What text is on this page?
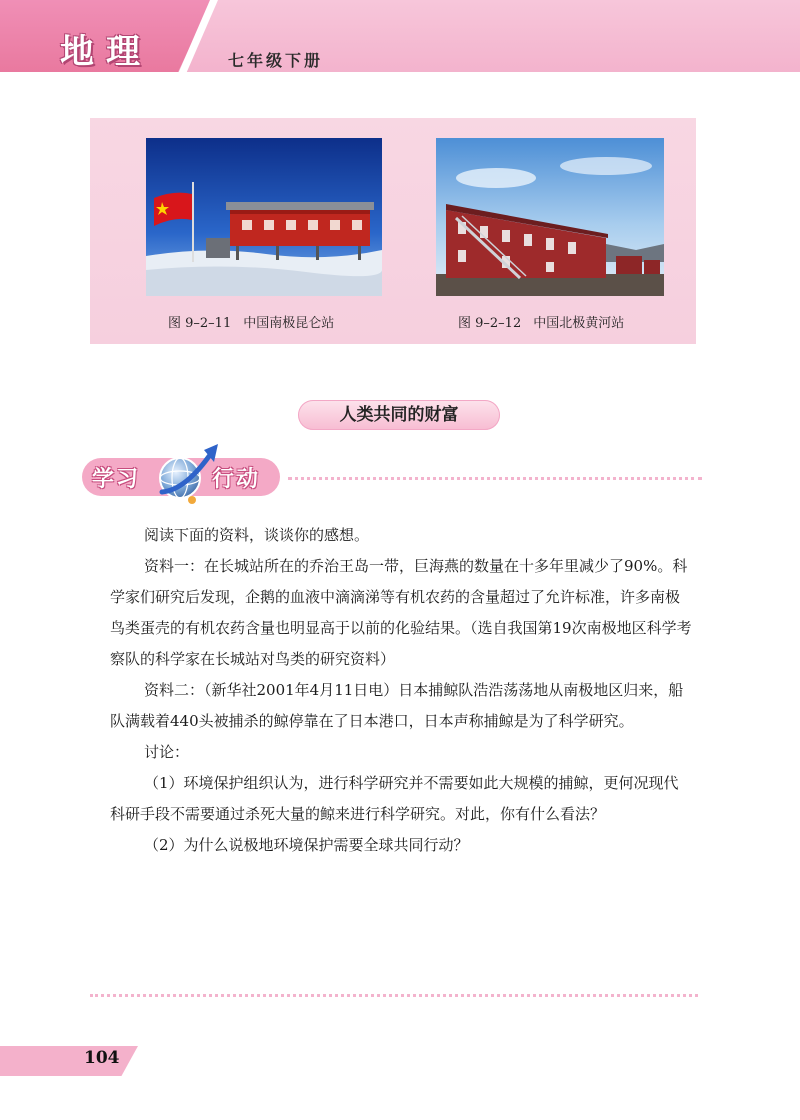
地理	七年级下册
图 9–2–11 中国南极昆仑站	图 9–2–12 中国北极黄河站
人类共同的财富
学习	行动

阅读下面的资料，谈谈你的感想。

资料一：在长城站所在的乔治王岛一带，巨海燕的数量在十多年里减少了90%。科学家们研究后发现，企鹅的血液中滴滴涕等有机农药的含量超过了允许标准，许多南极鸟类蛋壳的有机农药含量也明显高于以前的化验结果。（选自我国第19次南极地区科学考察队的科学家在长城站对鸟类的研究资料）

资料二：（新华社2001年4月11日电）日本捕鲸队浩浩荡荡地从南极地区归来，船队满载着440头被捕杀的鲸停靠在了日本港口，日本声称捕鲸是为了科学研究。

讨论：

（1）环境保护组织认为，进行科学研究并不需要如此大规模的捕鲸，更何况现代科研手段不需要通过杀死大量的鲸来进行科学研究。对此，你有什么看法？

（2）为什么说极地环境保护需要全球共同行动？

104
